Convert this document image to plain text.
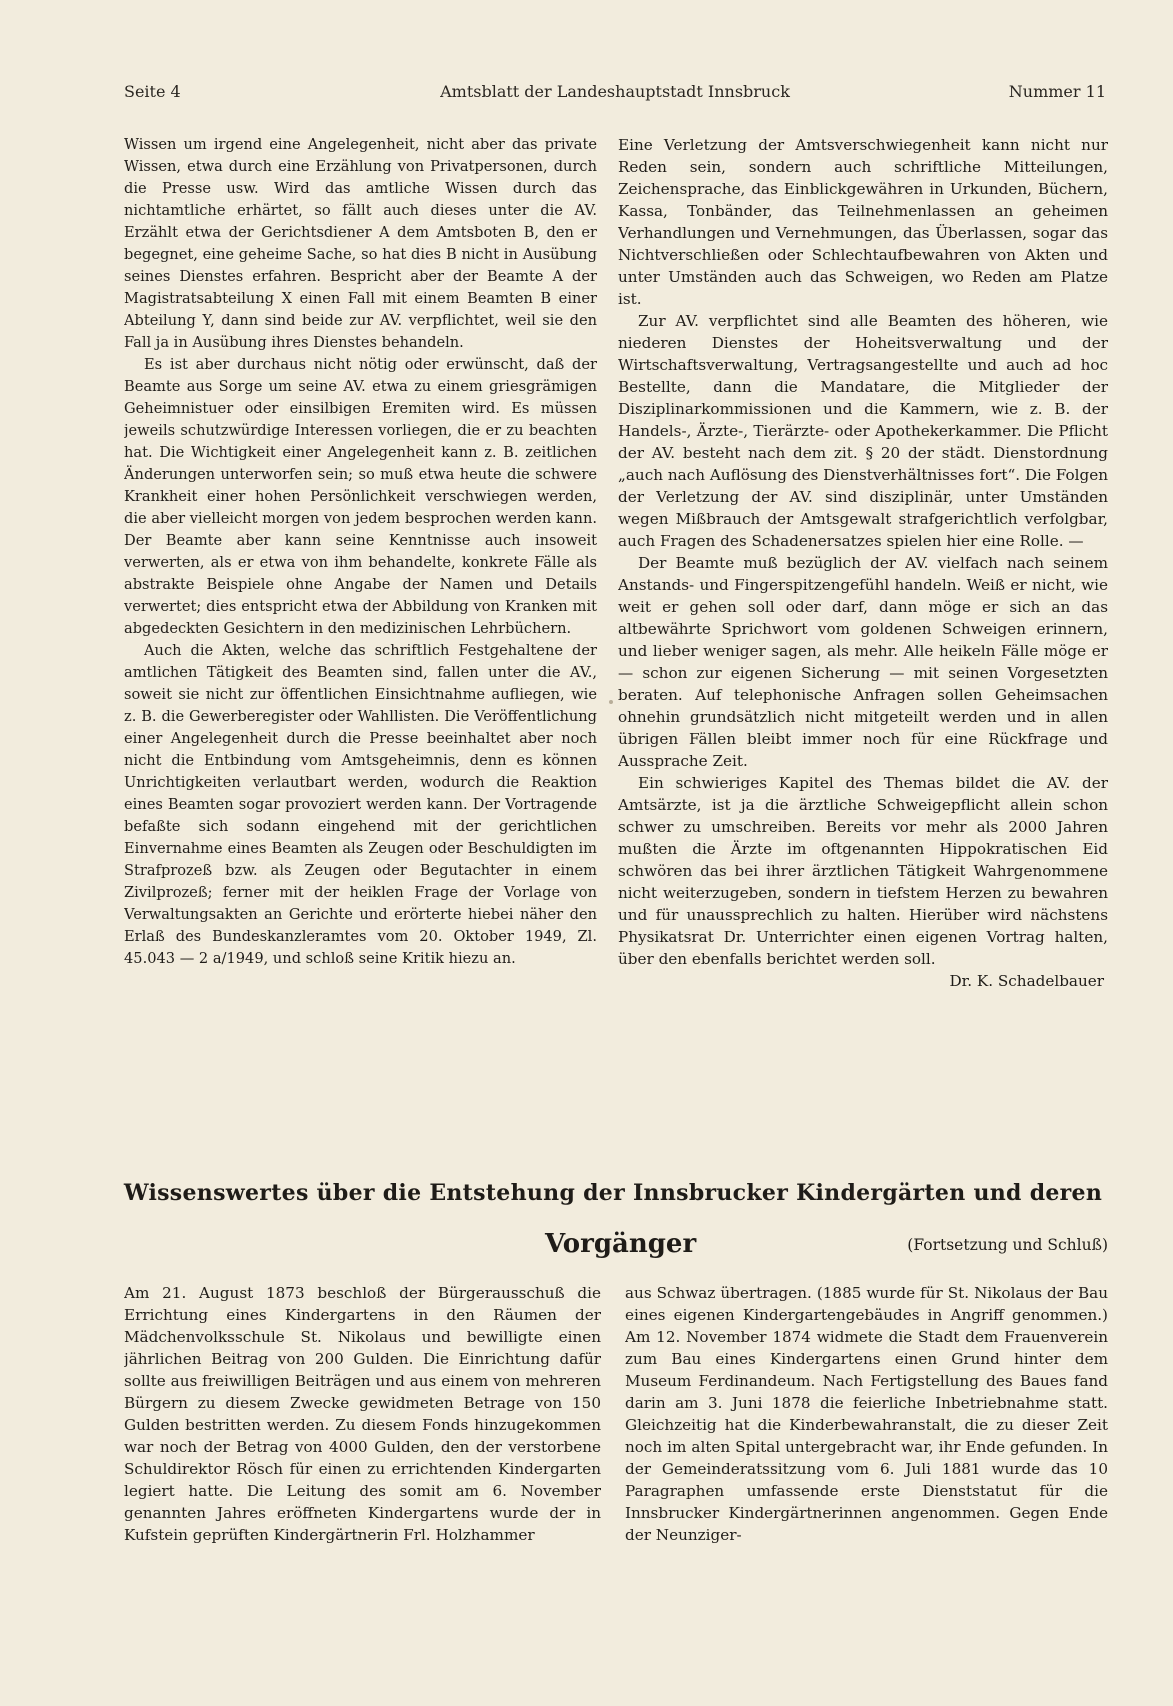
Seite 4	Amtsblatt der Landeshauptstadt Innsbruck	Nummer 11

Wissen um irgend eine Angelegenheit, nicht aber das private Wissen, etwa durch eine Erzählung von Privatpersonen, durch die Presse usw. Wird das amtliche Wissen durch das nichtamtliche erhärtet, so fällt auch dieses unter die AV. Erzählt etwa der Gerichtsdiener A dem Amtsboten B, den er begegnet, eine geheime Sache, so hat dies B nicht in Ausübung seines Dienstes erfahren. Bespricht aber der Beamte A der Magistratsabteilung X einen Fall mit einem Beamten B einer Abteilung Y, dann sind beide zur AV. verpflichtet, weil sie den Fall ja in Ausübung ihres Dienstes behandeln.

Es ist aber durchaus nicht nötig oder erwünscht, daß der Beamte aus Sorge um seine AV. etwa zu einem griesgrämigen Geheimnistuer oder einsilbigen Eremiten wird. Es müssen jeweils schutzwürdige Interessen vorliegen, die er zu beachten hat. Die Wichtigkeit einer Angelegenheit kann z. B. zeitlichen Änderungen unterworfen sein; so muß etwa heute die schwere Krankheit einer hohen Persönlichkeit verschwiegen werden, die aber vielleicht morgen von jedem besprochen werden kann. Der Beamte aber kann seine Kenntnisse auch insoweit verwerten, als er etwa von ihm behandelte, konkrete Fälle als abstrakte Beispiele ohne Angabe der Namen und Details verwertet; dies entspricht etwa der Abbildung von Kranken mit abgedeckten Gesichtern in den medizinischen Lehrbüchern.

Auch die Akten, welche das schriftlich Festgehaltene der amtlichen Tätigkeit des Beamten sind, fallen unter die AV., soweit sie nicht zur öffentlichen Einsichtnahme aufliegen, wie z. B. die Gewerberegister oder Wahllisten. Die Veröffentlichung einer Angelegenheit durch die Presse beeinhaltet aber noch nicht die Entbindung vom Amtsgeheimnis, denn es können Unrichtigkeiten verlautbart werden, wodurch die Reaktion eines Beamten sogar provoziert werden kann. Der Vortragende befaßte sich sodann eingehend mit der gerichtlichen Einvernahme eines Beamten als Zeugen oder Beschuldigten im Strafprozeß bzw. als Zeugen oder Begutachter in einem Zivilprozeß; ferner mit der heiklen Frage der Vorlage von Verwaltungsakten an Gerichte und erörterte hiebei näher den Erlaß des Bundeskanzleramtes vom 20. Oktober 1949, Zl. 45.043 — 2 a/1949, und schloß seine Kritik hiezu an.

Eine Verletzung der Amtsverschwiegenheit kann nicht nur Reden sein, sondern auch schriftliche Mitteilungen, Zeichensprache, das Einblickgewähren in Urkunden, Büchern, Kassa, Tonbänder, das Teilnehmenlassen an geheimen Verhandlungen und Vernehmungen, das Überlassen, sogar das Nichtverschließen oder Schlechtaufbewahren von Akten und unter Umständen auch das Schweigen, wo Reden am Platze ist.

Zur AV. verpflichtet sind alle Beamten des höheren, wie niederen Dienstes der Hoheitsverwaltung und der Wirtschaftsverwaltung, Vertragsangestellte und auch ad hoc Bestellte, dann die Mandatare, die Mitglieder der Disziplinarkommissionen und die Kammern, wie z. B. der Handels-, Ärzte-, Tierärzte- oder Apothekerkammer. Die Pflicht der AV. besteht nach dem zit. § 20 der städt. Dienstordnung „auch nach Auflösung des Dienstverhältnisses fort“. Die Folgen der Verletzung der AV. sind disziplinär, unter Umständen wegen Mißbrauch der Amtsgewalt strafgerichtlich verfolgbar, auch Fragen des Schadenersatzes spielen hier eine Rolle. —

Der Beamte muß bezüglich der AV. vielfach nach seinem Anstands- und Fingerspitzengefühl handeln. Weiß er nicht, wie weit er gehen soll oder darf, dann möge er sich an das altbewährte Sprichwort vom goldenen Schweigen erinnern, und lieber weniger sagen, als mehr. Alle heikeln Fälle möge er — schon zur eigenen Sicherung — mit seinen Vorgesetzten beraten. Auf telephonische Anfragen sollen Geheimsachen ohnehin grundsätzlich nicht mitgeteilt werden und in allen übrigen Fällen bleibt immer noch für eine Rückfrage und Aussprache Zeit.

Ein schwieriges Kapitel des Themas bildet die AV. der Amtsärzte, ist ja die ärztliche Schweigepflicht allein schon schwer zu umschreiben. Bereits vor mehr als 2000 Jahren mußten die Ärzte im oftgenannten Hippokratischen Eid schwören das bei ihrer ärztlichen Tätigkeit Wahrgenommene nicht weiterzugeben, sondern in tiefstem Herzen zu bewahren und für unaussprechlich zu halten. Hierüber wird nächstens Physikatsrat Dr. Unterrichter einen eigenen Vortrag halten, über den ebenfalls berichtet werden soll.

Dr. K. Schadelbauer

Wissenswertes über die Entstehung der Innsbrucker Kindergärten und deren
Vorgänger	(Fortsetzung und Schluß)

Am 21. August 1873 beschloß der Bürgerausschuß die Errichtung eines Kindergartens in den Räumen der Mädchenvolksschule St. Nikolaus und bewilligte einen jährlichen Beitrag von 200 Gulden. Die Einrichtung dafür sollte aus freiwilligen Beiträgen und aus einem von mehreren Bürgern zu diesem Zwecke gewidmeten Betrage von 150 Gulden bestritten werden. Zu diesem Fonds hinzugekommen war noch der Betrag von 4000 Gulden, den der verstorbene Schuldirektor Rösch für einen zu errichtenden Kindergarten legiert hatte. Die Leitung des somit am 6. November genannten Jahres eröffneten Kindergartens wurde der in Kufstein geprüften Kindergärtnerin Frl. Holzhammer

aus Schwaz übertragen. (1885 wurde für St. Nikolaus der Bau eines eigenen Kindergartengebäudes in Angriff genommen.) Am 12. November 1874 widmete die Stadt dem Frauenverein zum Bau eines Kindergartens einen Grund hinter dem Museum Ferdinandeum. Nach Fertigstellung des Baues fand darin am 3. Juni 1878 die feierliche Inbetriebnahme statt. Gleichzeitig hat die Kinderbewahranstalt, die zu dieser Zeit noch im alten Spital untergebracht war, ihr Ende gefunden. In der Gemeinderatssitzung vom 6. Juli 1881 wurde das 10 Paragraphen umfassende erste Dienststatut für die Innsbrucker Kindergärtnerinnen angenommen. Gegen Ende der Neunziger-
